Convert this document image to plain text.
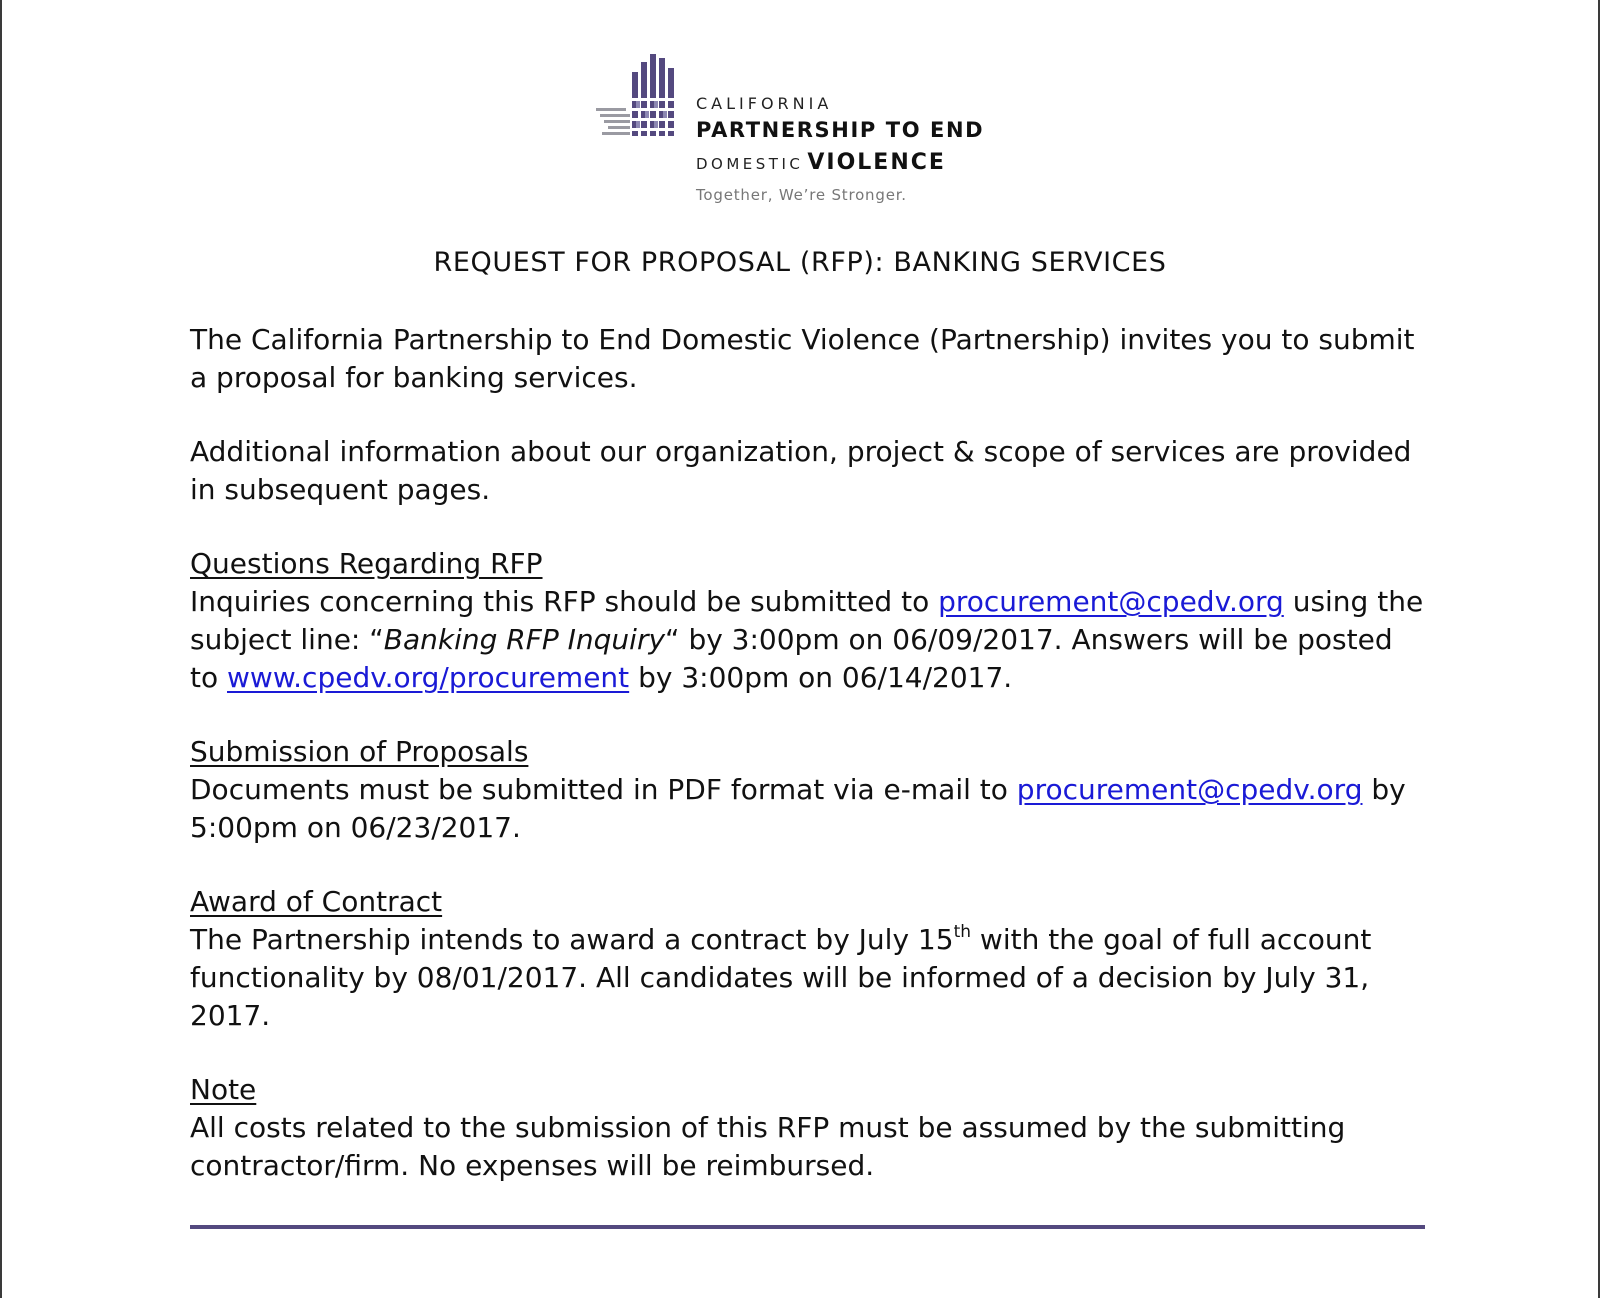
CALIFORNIA
PARTNERSHIP TO END
DOMESTIC VIOLENCE
Together, We’re Stronger.
REQUEST FOR PROPOSAL (RFP): BANKING SERVICES

The California Partnership to End Domestic Violence (Partnership) invites you to submit a proposal for banking services.

Additional information about our organization, project & scope of services are provided in subsequent pages.

Questions Regarding RFP

Inquiries concerning this RFP should be submitted to procurement@cpedv.org using the subject line: “Banking RFP Inquiry“ by 3:00pm on 06/09/2017. Answers will be posted to www.cpedv.org/procurement by 3:00pm on 06/14/2017.

Submission of Proposals

Documents must be submitted in PDF format via e-mail to procurement@cpedv.org by 5:00pm on 06/23/2017.

Award of Contract

The Partnership intends to award a contract by July 15th with the goal of full account functionality by 08/01/2017. All candidates will be informed of a decision by July 31, 2017.

Note

All costs related to the submission of this RFP must be assumed by the submitting contractor/firm. No expenses will be reimbursed.
